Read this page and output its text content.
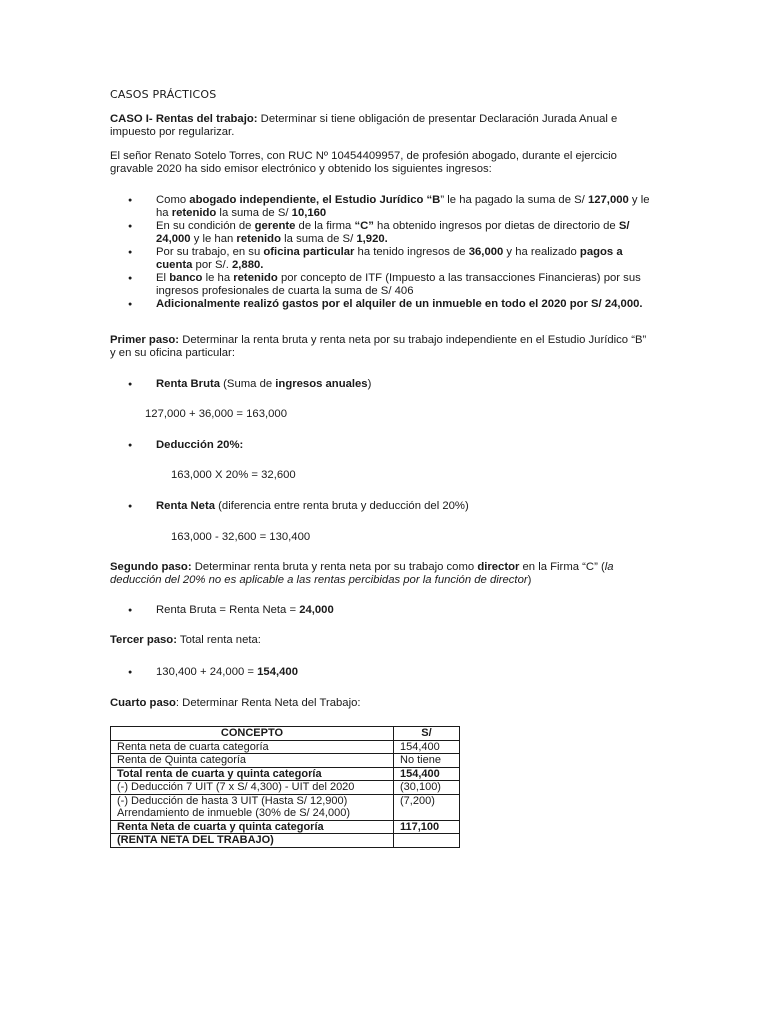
CASOS PRÁCTICOS
CASO I- Rentas del trabajo: Determinar si tiene obligación de presentar Declaración Jurada Anual e impuesto por regularizar.
El señor Renato Sotelo Torres, con RUC Nº 10454409957, de profesión abogado, durante el ejercicio gravable 2020 ha sido emisor electrónico y obtenido los siguientes ingresos:
● Como abogado independiente, el Estudio Jurídico “B” le ha pagado la suma de S/ 127,000 y le ha retenido la suma de S/ 10,160
● En su condición de gerente de la firma “C” ha obtenido ingresos por dietas de directorio de S/ 24,000 y le han retenido la suma de S/ 1,920.
● Por su trabajo, en su oficina particular ha tenido ingresos de 36,000 y ha realizado pagos a cuenta por S/. 2,880.
● El banco le ha retenido por concepto de ITF (Impuesto a las transacciones Financieras) por sus ingresos profesionales de cuarta la suma de S/ 406
● Adicionalmente realizó gastos por el alquiler de un inmueble en todo el 2020 por S/ 24,000.
Primer paso: Determinar la renta bruta y renta neta por su trabajo independiente en el Estudio Jurídico “B” y en su oficina particular:
● Renta Bruta (Suma de ingresos anuales)
127,000 + 36,000 = 163,000
● Deducción 20%:
163,000 X 20% = 32,600
● Renta Neta (diferencia entre renta bruta y deducción del 20%)
163,000 - 32,600 = 130,400
Segundo paso: Determinar renta bruta y renta neta por su trabajo como director en la Firma “C” (la deducción del 20% no es aplicable a las rentas percibidas por la función de director)
● Renta Bruta = Renta Neta = 24,000
Tercer paso: Total renta neta:
● 130,400 + 24,000 = 154,400
Cuarto paso: Determinar Renta Neta del Trabajo:
CONCEPTO	S/
Renta neta de cuarta categoría	154,400
Renta de Quinta categoría	No tiene
Total renta de cuarta y quinta categoría	154,400
(-) Deducción 7 UIT (7 x S/ 4,300) - UIT del 2020	(30,100)
(-) Deducción de hasta 3 UIT (Hasta S/ 12,900)
Arrendamiento de inmueble (30% de S/ 24,000)	(7,200)
Renta Neta de cuarta y quinta categoría	117,100
(RENTA NETA DEL TRABAJO)	
